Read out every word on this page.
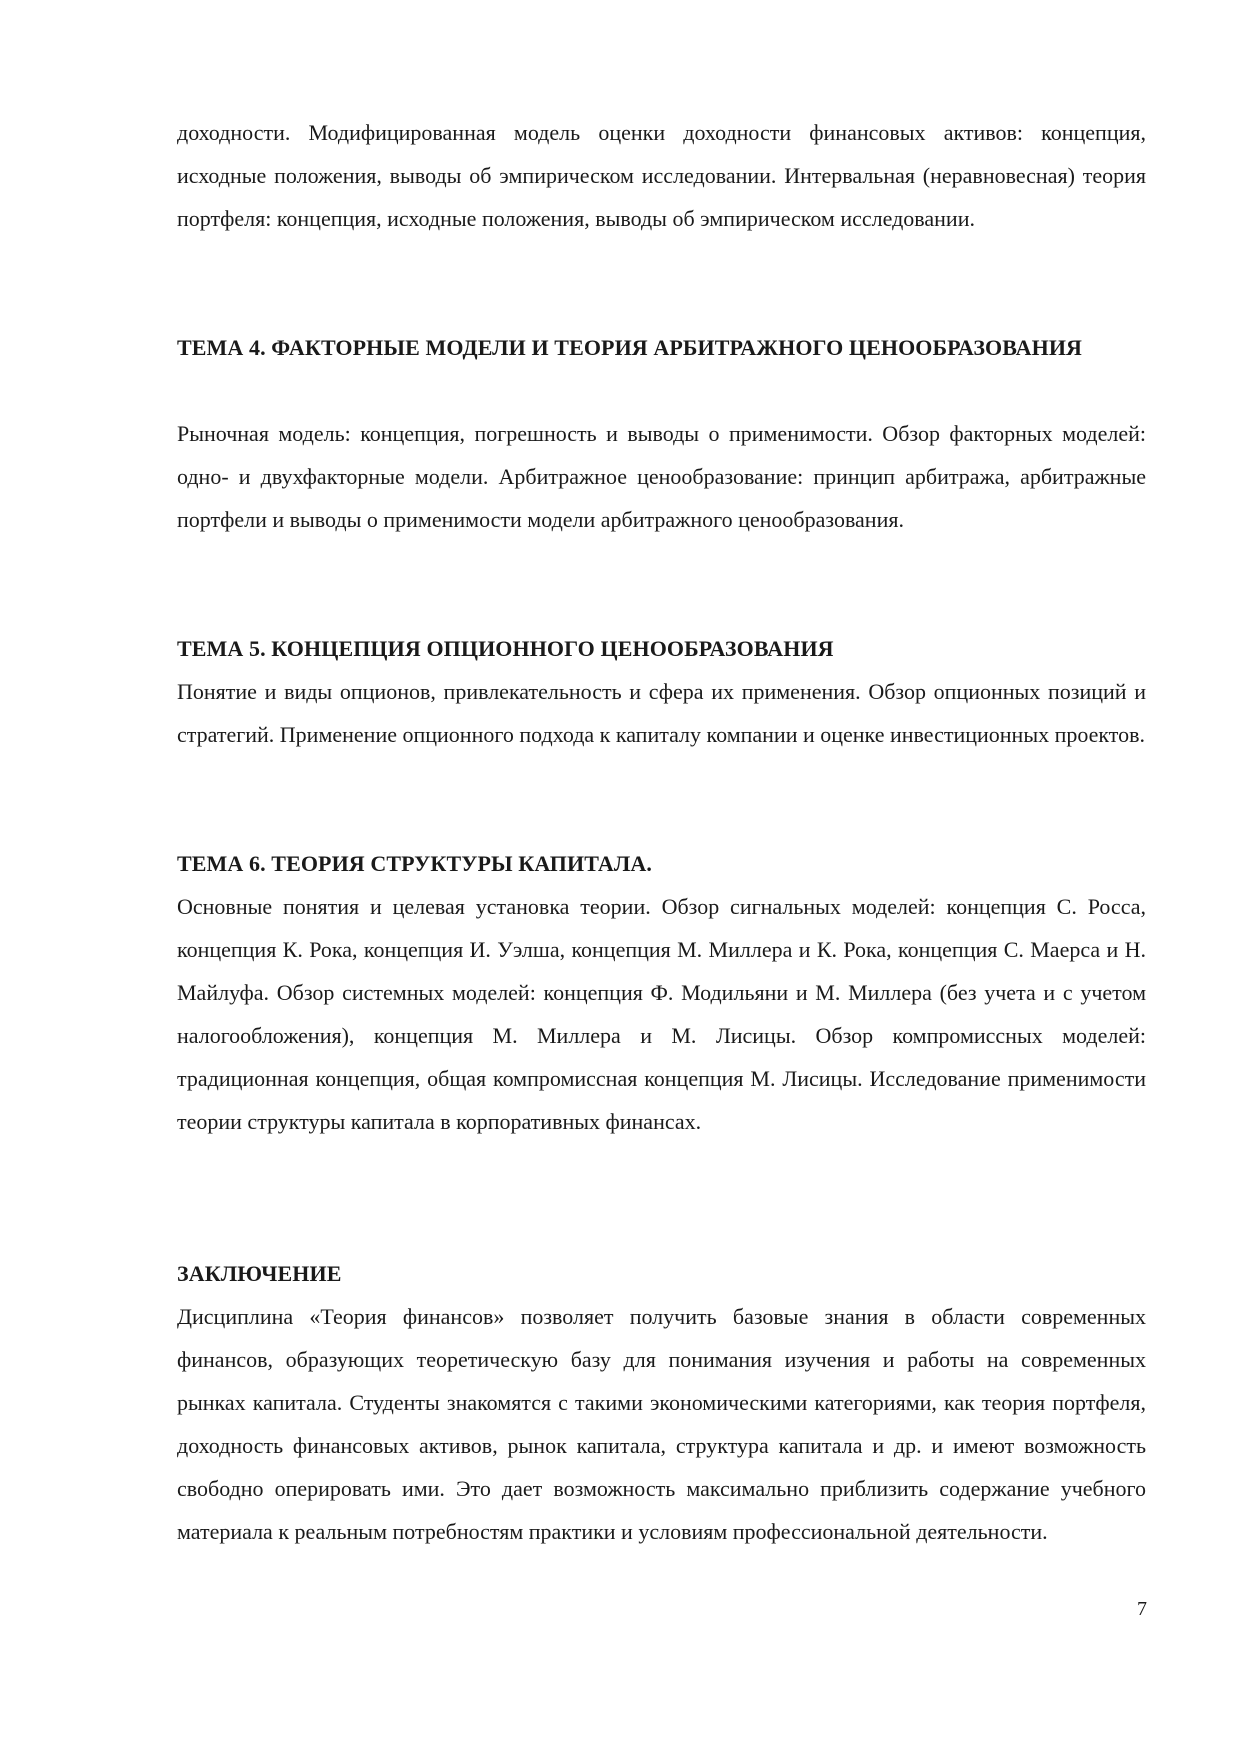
доходности. Модифицированная модель оценки доходности финансовых активов: концепция, исходные положения, выводы об эмпирическом исследовании. Интервальная (неравновесная) теория портфеля: концепция, исходные положения, выводы об эмпирическом исследовании.

ТЕМА 4. ФАКТОРНЫЕ МОДЕЛИ И ТЕОРИЯ АРБИТРАЖНОГО ЦЕНООБРАЗОВАНИЯ

Рыночная модель: концепция, погрешность и выводы о применимости. Обзор факторных моделей: одно- и двухфакторные модели. Арбитражное ценообразование: принцип арбитража, арбитражные портфели и выводы о применимости модели арбитражного ценообразования.

ТЕМА 5. КОНЦЕПЦИЯ ОПЦИОННОГО ЦЕНООБРАЗОВАНИЯ

Понятие и виды опционов, привлекательность и сфера их применения. Обзор опционных позиций и стратегий. Применение опционного подхода к капиталу компании и оценке инвестиционных проектов.

ТЕМА 6. ТЕОРИЯ СТРУКТУРЫ КАПИТАЛА.

Основные понятия и целевая установка теории. Обзор сигнальных моделей: концепция С. Росса, концепция К. Рока, концепция И. Уэлша, концепция М. Миллера и К. Рока, концепция С. Маерса и Н. Майлуфа. Обзор системных моделей: концепция Ф. Модильяни и М. Миллера (без учета и с учетом налогообложения), концепция М. Миллера и М. Лисицы. Обзор компромиссных моделей: традиционная концепция, общая компромиссная концепция М. Лисицы. Исследование применимости теории структуры капитала в корпоративных финансах.

ЗАКЛЮЧЕНИЕ

Дисциплина «Теория финансов» позволяет получить базовые знания в области современных финансов, образующих теоретическую базу для понимания изучения и работы на современных рынках капитала. Студенты знакомятся с такими экономическими категориями, как теория портфеля, доходность финансовых активов, рынок капитала, структура капитала и др. и имеют возможность свободно оперировать ими. Это дает возможность максимально приблизить содержание учебного материала к реальным потребностям практики и условиям профессиональной деятельности.

7
